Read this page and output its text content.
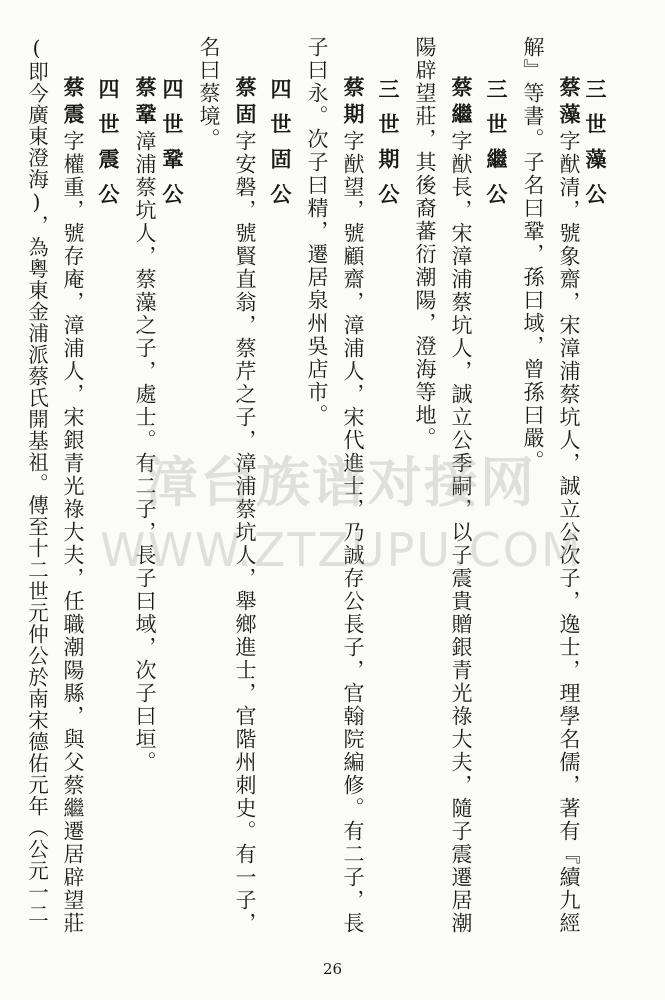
三世藻公
蔡藻字猷清，號象齋，宋漳浦蔡坑人，誠立公次子，逸士，理學名儒，著有『續九經
解』等書。子名曰鞏，孫曰域，曾孫曰嚴。
三世繼公
蔡繼字猷長，宋漳浦蔡坑人，誠立公季嗣，以子震貴贈銀青光祿大夫，隨子震遷居潮
陽辟望莊，其後裔蕃衍潮陽，澄海等地。
三世期公
蔡期字猷望，號顧齋，漳浦人，宋代進士，乃誠存公長子，官翰院編修。有二子，長
子曰永。次子曰精，遷居泉州吳店市。
四世固公
蔡固字安磐，號賢直翁，蔡芹之子，漳浦蔡坑人，舉鄉進士，官階州刺史。有一子，
名曰蔡境。
四世鞏公
蔡鞏漳浦蔡坑人，蔡藻之子，處士。有二子，長子曰域，次子曰垣。
四世震公
蔡震字權重，號存庵，漳浦人，宋銀青光祿大夫，任職潮陽縣，與父蔡繼遷居辟望莊
(即今廣東澄海)，為粵東金浦派蔡氏開基祖。傳至十二世元仲公於南宋德佑元年（公元一二	漳台族谱对接网
WWW.ZTZUPU.COM
26
